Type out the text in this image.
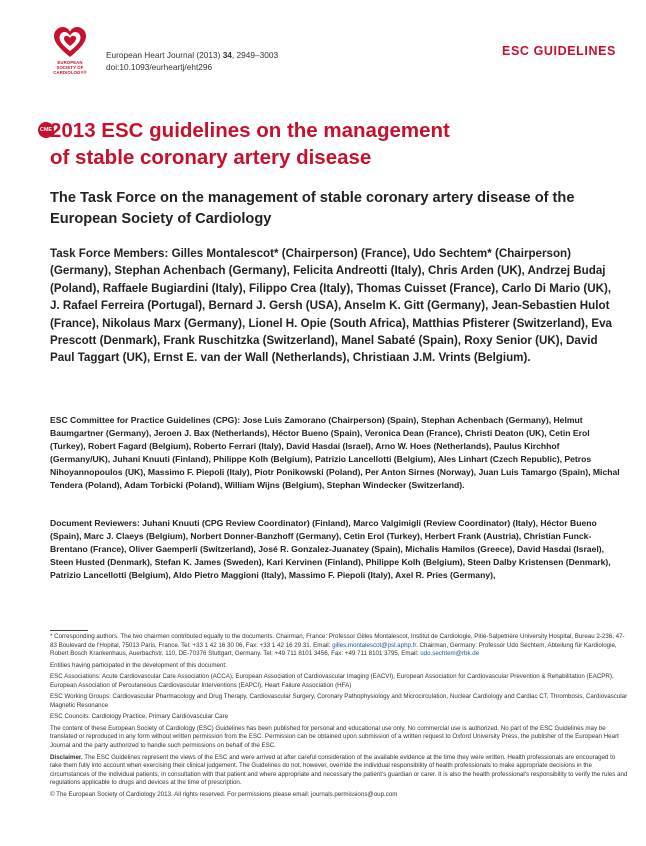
EUROPEAN
SOCIETY OF
CARDIOLOGY®
European Heart Journal (2013) 34, 2949–3003
doi:10.1093/eurheartj/eht296
ESC GUIDELINES
CME
2013 ESC guidelines on the management
of stable coronary artery disease

The Task Force on the management of stable coronary artery disease of the European Society of Cardiology

Task Force Members: Gilles Montalescot* (Chairperson) (France), Udo Sechtem* (Chairperson) (Germany), Stephan Achenbach (Germany), Felicita Andreotti (Italy), Chris Arden (UK), Andrzej Budaj (Poland), Raffaele Bugiardini (Italy), Filippo Crea (Italy), Thomas Cuisset (France), Carlo Di Mario (UK), J. Rafael Ferreira (Portugal), Bernard J. Gersh (USA), Anselm K. Gitt (Germany), Jean-Sebastien Hulot (France), Nikolaus Marx (Germany), Lionel H. Opie (South Africa), Matthias Pfisterer (Switzerland), Eva Prescott (Denmark), Frank Ruschitzka (Switzerland), Manel Sabaté (Spain), Roxy Senior (UK), David Paul Taggart (UK), Ernst E. van der Wall (Netherlands), Christiaan J.M. Vrints (Belgium).

ESC Committee for Practice Guidelines (CPG): Jose Luis Zamorano (Chairperson) (Spain), Stephan Achenbach (Germany), Helmut Baumgartner (Germany), Jeroen J. Bax (Netherlands), Héctor Bueno (Spain), Veronica Dean (France), Christi Deaton (UK), Cetin Erol (Turkey), Robert Fagard (Belgium), Roberto Ferrari (Italy), David Hasdai (Israel), Arno W. Hoes (Netherlands), Paulus Kirchhof (Germany/UK), Juhani Knuuti (Finland), Philippe Kolh (Belgium), Patrizio Lancellotti (Belgium), Ales Linhart (Czech Republic), Petros Nihoyannopoulos (UK), Massimo F. Piepoli (Italy), Piotr Ponikowski (Poland), Per Anton Sirnes (Norway), Juan Luis Tamargo (Spain), Michal Tendera (Poland), Adam Torbicki (Poland), William Wijns (Belgium), Stephan Windecker (Switzerland).

Document Reviewers: Juhani Knuuti (CPG Review Coordinator) (Finland), Marco Valgimigli (Review Coordinator) (Italy), Héctor Bueno (Spain), Marc J. Claeys (Belgium), Norbert Donner-Banzhoff (Germany), Cetin Erol (Turkey), Herbert Frank (Austria), Christian Funck-Brentano (France), Oliver Gaemperli (Switzerland), José R. Gonzalez-Juanatey (Spain), Michalis Hamilos (Greece), David Hasdai (Israel), Steen Husted (Denmark), Stefan K. James (Sweden), Kari Kervinen (Finland), Philippe Kolh (Belgium), Steen Dalby Kristensen (Denmark), Patrizio Lancellotti (Belgium), Aldo Pietro Maggioni (Italy), Massimo F. Piepoli (Italy), Axel R. Pries (Germany),

* Corresponding authors. The two chairmen contributed equally to the documents. Chairman, France: Professor Gilles Montalescot, Institut de Cardiologie, Pitié-Salpetrière University Hospital, Bureau 2-236, 47-83 Boulevard de l'Hopital, 75013 Paris, France. Tel: +33 1 42 16 30 06, Fax: +33 1 42 16 29 31. Email: gilles.montalescot@psl.aphp.fr. Chairman, Germany: Professor Udo Sechtem, Abteilung für Kardiologie, Robert Bosch Krankenhaus, Auerbachstr. 110, DE-70376 Stuttgart, Germany. Tel: +49 711 8101 3456, Fax: +49 711 8101 3795, Email: udo.sechtem@rbk.de

Entities having participated in the development of this document:

ESC Associations: Acute Cardiovascular Care Association (ACCA), European Association of Cardiovascular Imaging (EACVI), European Association for Cardiovascular Prevention & Rehabilitation (EACPR), European Association of Percutaneous Cardiovascular Interventions (EAPCI), Heart Failure Association (HFA)

ESC Working Groups: Cardiovascular Pharmacology and Drug Therapy, Cardiovascular Surgery, Coronary Pathophysiology and Microcirculation, Nuclear Cardiology and Cardiac CT, Thrombosis, Cardiovascular Magnetic Resonance

ESC Councils: Cardiology Practice, Primary Cardiovascular Care

The content of these European Society of Cardiology (ESC) Guidelines has been published for personal and educational use only. No commercial use is authorized. No part of the ESC Guidelines may be translated or reproduced in any form without written permission from the ESC. Permission can be obtained upon submission of a written request to Oxford University Press, the publisher of the European Heart Journal and the party authorized to handle such permissions on behalf of the ESC.

Disclaimer. The ESC Guidelines represent the views of the ESC and were arrived at after careful consideration of the available evidence at the time they were written. Health professionals are encouraged to take them fully into account when exercising their clinical judgement. The Guidelines do not, however, override the individual responsibility of health professionals to make appropriate decisions in the circumstances of the individual patients, in consultation with that patient and where appropriate and necessary the patient's guardian or carer. It is also the health professional's responsibility to verify the rules and regulations applicable to drugs and devices at the time of prescription.

© The European Society of Cardiology 2013. All rights reserved. For permissions please email: journals.permissions@oup.com
